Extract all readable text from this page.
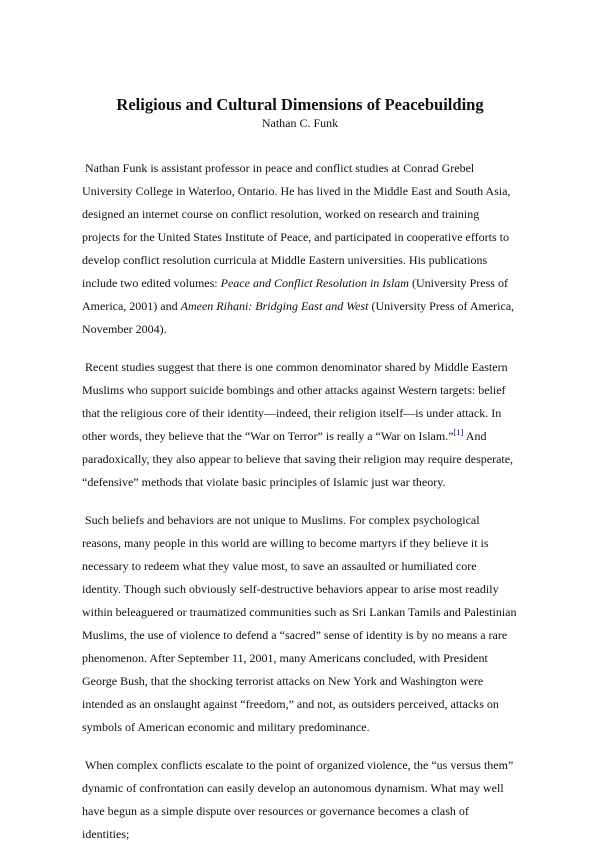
Religious and Cultural Dimensions of Peacebuilding

Nathan C. Funk

Nathan Funk is assistant professor in peace and conflict studies at Conrad Grebel University College in Waterloo, Ontario. He has lived in the Middle East and South Asia, designed an internet course on conflict resolution, worked on research and training projects for the United States Institute of Peace, and participated in cooperative efforts to develop conflict resolution curricula at Middle Eastern universities. His publications include two edited volumes: Peace and Conflict Resolution in Islam (University Press of America, 2001) and Ameen Rihani: Bridging East and West (University Press of America, November 2004).

Recent studies suggest that there is one common denominator shared by Middle Eastern Muslims who support suicide bombings and other attacks against Western targets: belief that the religious core of their identity—indeed, their religion itself—is under attack. In other words, they believe that the “War on Terror” is really a “War on Islam.”[1] And paradoxically, they also appear to believe that saving their religion may require desperate, “defensive” methods that violate basic principles of Islamic just war theory.

Such beliefs and behaviors are not unique to Muslims. For complex psychological reasons, many people in this world are willing to become martyrs if they believe it is necessary to redeem what they value most, to save an assaulted or humiliated core identity. Though such obviously self-destructive behaviors appear to arise most readily within beleaguered or traumatized communities such as Sri Lankan Tamils and Palestinian Muslims, the use of violence to defend a “sacred” sense of identity is by no means a rare phenomenon. After September 11, 2001, many Americans concluded, with President George Bush, that the shocking terrorist attacks on New York and Washington were intended as an onslaught against “freedom,” and not, as outsiders perceived, attacks on symbols of American economic and military predominance.

When complex conflicts escalate to the point of organized violence, the “us versus them” dynamic of confrontation can easily develop an autonomous dynamism. What may well have begun as a simple dispute over resources or governance becomes a clash of identities;
